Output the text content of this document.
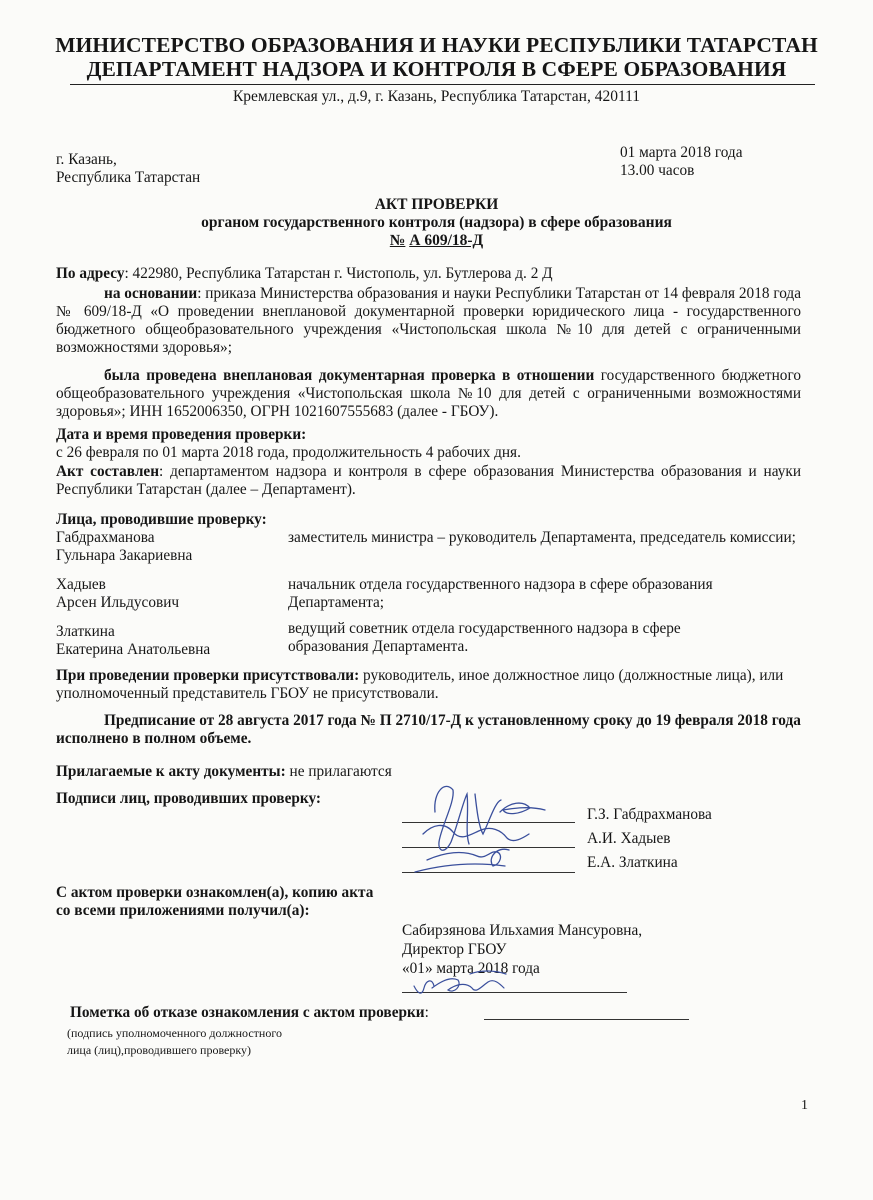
МИНИСТЕРСТВО ОБРАЗОВАНИЯ И НАУКИ РЕСПУБЛИКИ ТАТАРСТАН
ДЕПАРТАМЕНТ НАДЗОРА И КОНТРОЛЯ В СФЕРЕ ОБРАЗОВАНИЯ
Кремлевская ул., д.9, г. Казань, Республика Татарстан, 420111
г. Казань,
Республика Татарстан
01 марта 2018 года
13.00 часов
АКТ ПРОВЕРКИ
органом государственного контроля (надзора) в сфере образования
№ А 609/18-Д
По адресу: 422980, Республика Татарстан г. Чистополь, ул. Бутлерова д. 2 Д
на основании: приказа Министерства образования и науки Республики Татарстан от 14 февраля 2018 года № 609/18-Д «О проведении внеплановой документарной проверки юридического лица - государственного бюджетного общеобразовательного учреждения «Чистопольская школа №10 для детей с ограниченными возможностями здоровья»;
была проведена внеплановая документарная проверка в отношении государственного бюджетного общеобразовательного учреждения «Чистопольская школа №10 для детей с ограниченными возможностями здоровья»; ИНН 1652006350, ОГРН 1021607555683 (далее - ГБОУ).
Дата и время проведения проверки:
с 26 февраля по 01 марта 2018 года, продолжительность 4 рабочих дня.
Акт составлен: департаментом надзора и контроля в сфере образования Министерства образования и науки Республики Татарстан (далее – Департамент).
Лица, проводившие проверку:
Габдрахманова
Гульнара Закариевна
заместитель министра – руководитель Департамента, председатель комиссии;
Хадыев
Арсен Ильдусович
начальник отдела государственного надзора в сфере образования Департамента;
Златкина
Екатерина Анатольевна
ведущий советник отдела государственного надзора в сфере образования Департамента.
При проведении проверки присутствовали: руководитель, иное должностное лицо (должностные лица), или уполномоченный представитель ГБОУ не присутствовали.
Предписание от 28 августа 2017 года № П 2710/17-Д к установленному сроку до 19 февраля 2018 года исполнено в полном объеме.
Прилагаемые к акту документы: не прилагаются
Подписи лиц, проводивших проверку:
Г.З. Габдрахманова
А.И. Хадыев
Е.А. Златкина
С актом проверки ознакомлен(а), копию акта
со всеми приложениями получил(а):
Сабирзянова Ильхамия Мансуровна,
Директор ГБОУ
«01» марта 2018 года
Пометка об отказе ознакомления с актом проверки:
(подпись уполномоченного должностного
лица (лиц),проводившего проверку)
1
